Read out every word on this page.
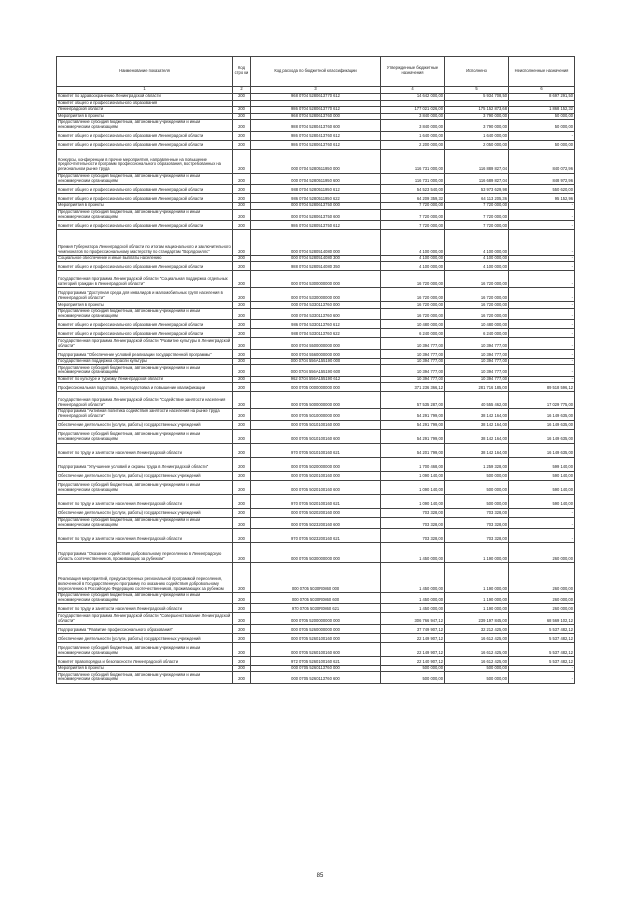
Наименование показателя	Код стро ки	Код расхода по бюджетной классификации	Утвержденные бюджетные назначения	Исполнено	Неисполненные назначения
1	2	3	4	5	6
Комитет по здравоохранению Ленинградской области	200	968 0704 5280613770 612	14 642 000,00	5 934 708,50	8 697 291,50
Комитет общего и профессионального образования					
Ленинградской области	200	986 0704 5280613770 612	177 021 026,00	175 152 873,68	1 868 152,32
Мероприятия в проекты	200	968 0704 5280613760 000	3 840 000,00	3 790 000,00	50 000,00
Предоставление субсидий бюджетным, автономным учреждениям и иным некоммерческим организациям	200	988 0704 5280413760 600	3 840 000,00	3 790 000,00	50 000,00
Комитет общего и профессионального образования Ленинградской области	200	986 0704 5280413760 612	1 640 000,00	1 640 000,00	-
Комитет общего и профессионального образования Ленинградской области	200	986 0704 5280613760 612	2 200 000,00	2 050 000,00	50 000,00
Конкурсы, конференции в прочие мероприятия, направленные на повышение предпочтительности программ профессионального образования, востребованных на региональном рынке труда	200	000 0704 5280511950 000	116 731 000,00	116 889 827,04	840 072,96
Предоставление субсидий бюджетным, автономным учреждениям и иным некоммерческим организациям	200	000 0704 5280511950 600	116 731 000,00	116 689 827,04	848 972,96
Комитет общего и профессионального образования Ленинградской области	200	988 0704 5280511950 612	54 523 540,00	53 973 629,98	550 620,00
Комитет общего и профессионального образования Ленинградской области	200	986 0704 5280511950 622	64 209 359,32	64 113 205,36	95 152,96
Мероприятия в проекты	200	000 0704 5280613750 000	7 720 000,00	7 720 000,00	-
Предоставление субсидий бюджетным, автономным учреждениям и иным некоммерческим организациям	200	000 0704 5280613750 600	7 720 000,00	7 720 000,00	-
Комитет общего и профессионального образования Ленинградской области	200	986 0704 5280513750 612	7 720 000,00	7 720 000,00	-
Премия Губернатора Ленинградской области по итогам национального и заключительного чемпионатов по профессиональному мастерству по стандартам "Ворлдскиллс"	200	000 0704 5280514080 000	4 100 000,00	4 100 000,00	-
Социальное обеспечение и иные выплаты населению	200	000 0704 5280514080 300	4 100 000,00	4 100 000,00	-
Комитет общего и профессионального образования Ленинградской области	200	988 0704 5280514080 350	4 100 000,00	4 100 000,00	-
Государственная программа Ленинградской области "Социальная поддержка отдельных категорий граждан в Ленинградской области"	200	000 0704 5300000000 000	16 720 000,00	16 720 000,00	-
Подпрограмма "Доступная среда для инвалидов и маломобильных групп населения в Ленинградской области"	200	000 0704 5330000000 000	16 720 000,00	16 720 000,00	-
Мероприятия в проекты	200	000 0704 5330113760 000	16 720 000,00	16 720 000,00	-
Предоставление субсидий бюджетным, автономным учреждениям и иным некоммерческим организациям	200	000 0704 5330113760 600	16 720 000,00	16 720 000,00	-
Комитет общего и профессионального образования Ленинградской области	200	986 0704 5330113760 612	10 480 000,00	10 480 000,00	-
Комитет общего и профессионального образования Ленинградской области	200	988 0704 5330113760 622	6 240 000,00	6 240 000,00	-
Государственная программа Ленинградской области "Развитие культуры в Ленинградской области"	200	000 0704 5500000000 000	10 394 777,00	10 394 777,00	-
Подпрограмма "Обеспечение условий реализации государственной программы"	200	000 0704 5560000000 000	10 394 777,00	10 394 777,00	-
Государственная поддержка отрасли культуры	200	000 0704 556А155190 000	10 394 777,00	10 394 777,00	-
Предоставление субсидий бюджетным, автономным учреждениям и иным некоммерческим организациям	200	000 0704 556А155190 600	10 394 777,00	10 394 777,00	-
Комитет по культуре и туризму Ленинградской области	200	962 0704 556А155190 612	10 394 777,00	10 394 777,00	-
Профессиональная подготовка, переподготовка и повышение квалификации	200	000 0705 0000000000 000	371 236 366,12	281 716 185,00	89 518 596,12
Государственная программа Ленинградской области "Содействие занятости населения Ленинградской области"	200	000 0705 5000000000 000	57 535 287,00	40 555 462,00	17 029 775,00
Подпрограмма "Активная политика содействия занятости населения на рынке труда Ленинградской области"	200	000 0705 5010000000 000	54 291 799,00	38 142 164,00	16 149 635,00
Обеспечение деятельности (услуги, работы) государственных учреждений	200	000 0705 5010100160 000	54 291 799,00	38 142 164,00	16 149 635,00
Предоставление субсидий бюджетным, автономным учреждениям и иным некоммерческим организациям	200	000 0705 5010100160 600	54 291 799,00	38 142 164,00	16 149 635,00
Комитет по труду и занятости населения Ленинградской области	200	970 0705 5010100160 621	54 201 799,00	38 142 164,00	16 149 635,00
Подпрограмма "Улучшение условий и охраны труда в Ленинградской области"	200	000 0705 5020000000 000	1 700 468,00	1 259 328,00	599 140,00
Обеспечение деятельности (услуги, работы) государственных учреждений	200	000 0705 5020100160 000	1 090 140,00	500 000,00	590 140,00
Предоставление субсидий бюджетным, автономным учреждениям и иным некоммерческим организациям	200	000 0705 5020100160 600	1 090 140,00	500 000,00	590 140,00
Комитет по труду и занятости населения Ленинградской области	200	970 0705 5020100160 621	1 090 140,00	500 000,00	590 140,00
Обеспечение деятельности (услуги, работы) государственных учреждений	200	000 0705 5020200160 000	703 328,00	703 328,00	-
Предоставление субсидий бюджетным, автономным учреждениям и иным некоммерческим организациям	200	000 0705 5023200160 600	703 328,00	703 328,00	-
Комитет по труду и занятости населения Ленинградской области	200	970 0705 5023200160 621	703 328,00	703 328,00	-
Подпрограмма "Оказание содействия добровольному переселению в Ленинградскую область соотечественников, проживающих за рубежом"	200	000 0705 5030000000 000	1 450 000,00	1 190 000,00	260 000,00
Реализация мероприятий, предусмотренных региональной программой переселения, включенной в Государственную программу по оказанию содействия добровольному переселению в Российскую Федерацию соотечественников, проживающих за рубежом	200	000 0705 5030R0860 000	1 450 000,00	1 190 000,00	260 000,00
Предоставление субсидий бюджетным, автономным учреждениям и иным некоммерческим организациям	200	000 0705 5030R0860 600	1 450 000,00	1 190 000,00	260 000,00
Комитет по труду и занятости населения Ленинградской области	200	970 0705 5030R0860 621	1 450 000,00	1 190 000,00	260 000,00
Государственная программа Ленинградской области "Совершенствование Ленинградской области"	200	000 0705 5200000000 000	306 766 947,12	239 197 845,00	68 569 102,12
Подпрограмма "Развитие профессионального образования"	200	000 0705 5260000000 000	37 749 907,12	32 212 425,00	5 537 482,12
Обеспечение деятельности (услуги, работы) государственных учреждений	200	000 0705 5260100160 000	22 149 907,12	16 612 425,00	5 537 482,12
Предоставление субсидий бюджетным, автономным учреждениям и иным некоммерческим организациям	200	000 0705 5260100160 600	22 149 907,12	16 612 425,00	5 537 482,12
Комитет правопорядка и безопасности Ленинградской области	200	972 0705 5260100160 621	22 140 907,12	16 612 425,00	5 537 482,12
Мероприятия в проекты	200	000 0705 5260113760 000	500 000,00	500 000,00	-
Предоставление субсидий бюджетным, автономным учреждениям и иным некоммерческим организациям	200	000 0705 5260113760 600	500 000,00	500 000,00	-
85
